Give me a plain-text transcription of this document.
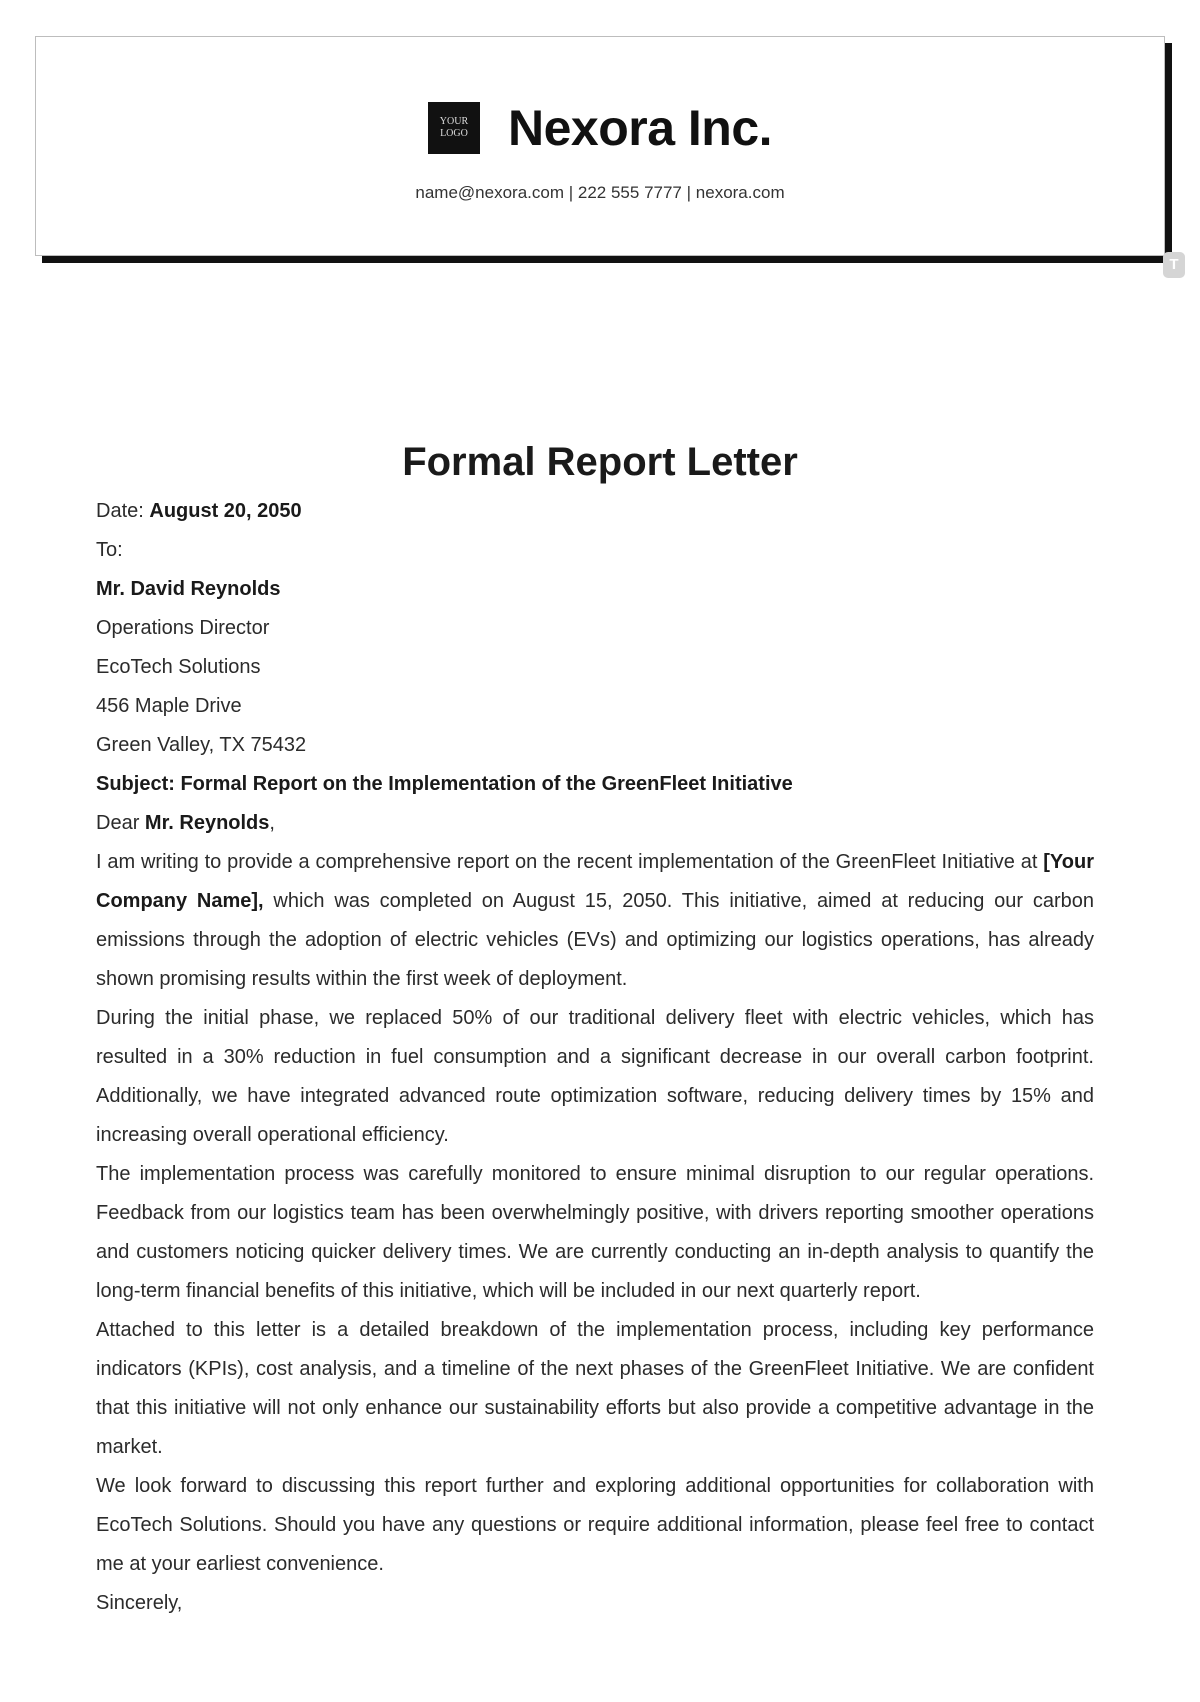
YOUR
LOGO Nexora Inc.
name@nexora.com | 222 555 7777 | nexora.com
T
Formal Report Letter

Date: August 20, 2050

To:

Mr. David Reynolds

Operations Director

EcoTech Solutions

456 Maple Drive

Green Valley, TX 75432

Subject: Formal Report on the Implementation of the GreenFleet Initiative

Dear Mr. Reynolds,

I am writing to provide a comprehensive report on the recent implementation of the GreenFleet Initiative at [Your Company Name], which was completed on August 15, 2050. This initiative, aimed at reducing our carbon emissions through the adoption of electric vehicles (EVs) and optimizing our logistics operations, has already shown promising results within the first week of deployment.

During the initial phase, we replaced 50% of our traditional delivery fleet with electric vehicles, which has resulted in a 30% reduction in fuel consumption and a significant decrease in our overall carbon footprint. Additionally, we have integrated advanced route optimization software, reducing delivery times by 15% and increasing overall operational efficiency.

The implementation process was carefully monitored to ensure minimal disruption to our regular operations. Feedback from our logistics team has been overwhelmingly positive, with drivers reporting smoother operations and customers noticing quicker delivery times. We are currently conducting an in-depth analysis to quantify the long-term financial benefits of this initiative, which will be included in our next quarterly report.

Attached to this letter is a detailed breakdown of the implementation process, including key performance indicators (KPIs), cost analysis, and a timeline of the next phases of the GreenFleet Initiative. We are confident that this initiative will not only enhance our sustainability efforts but also provide a competitive advantage in the market.

We look forward to discussing this report further and exploring additional opportunities for collaboration with EcoTech Solutions. Should you have any questions or require additional information, please feel free to contact me at your earliest convenience.

Sincerely,
